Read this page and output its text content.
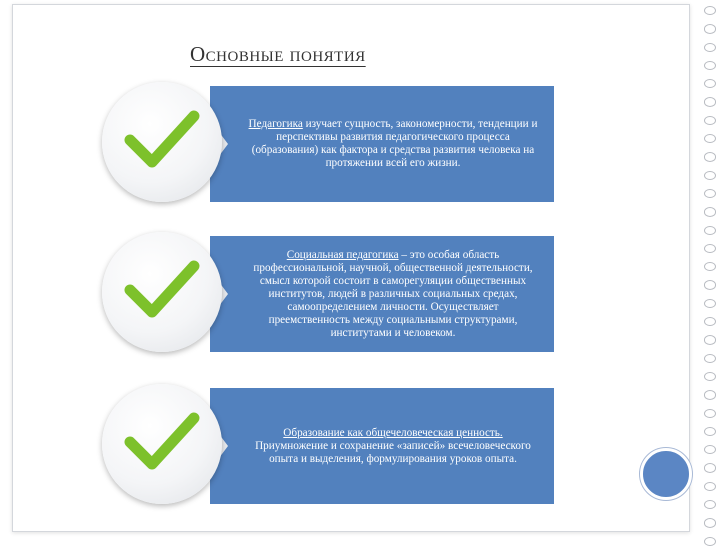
Основные понятия
Педагогика изучает сущность, закономерности, тенденции и перспективы развития педагогического процесса (образования) как фактора и средства развития человека на протяжении всей его жизни.
Социальная педагогика – это особая область профессиональной, научной, общественной деятельности, смысл которой состоит в саморегуляции общественных институтов, людей в различных социальных средах, самоопределением личности. Осуществляет преемственность между социальными структурами, институтами и человеком.
Образование как общечеловеческая ценность. Приумножение и сохранение «записей» всечеловеческого опыта и выделения, формулирования уроков опыта.
